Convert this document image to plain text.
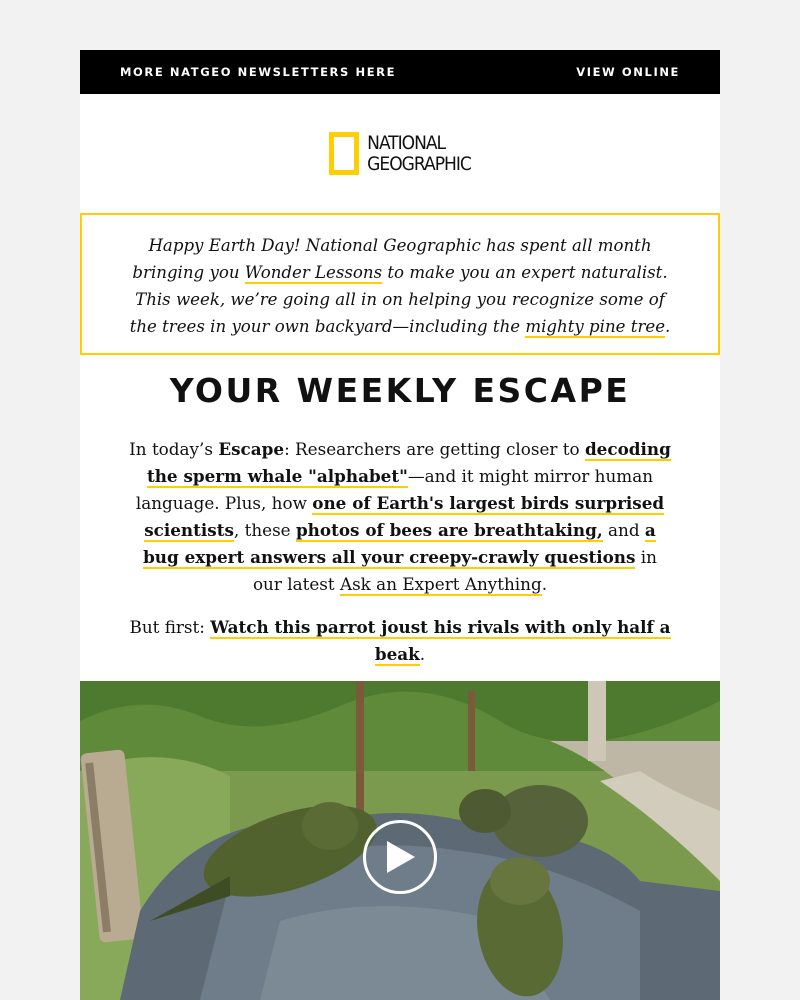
MORE NATGEO NEWSLETTERS HERE	VIEW ONLINE
NATIONAL
GEOGRAPHIC
Happy Earth Day! National Geographic has spent all month bringing you Wonder Lessons to make you an expert naturalist. This week, we’re going all in on helping you recognize some of the trees in your own backyard—including the mighty pine tree.
YOUR WEEKLY ESCAPE

In today’s Escape: Researchers are getting closer to decoding the sperm whale "alphabet"—and it might mirror human language. Plus, how one of Earth's largest birds surprised scientists, these photos of bees are breathtaking, and a bug expert answers all your creepy-crawly questions in our latest Ask an Expert Anything.

But first: Watch this parrot joust his rivals with only half a beak.
